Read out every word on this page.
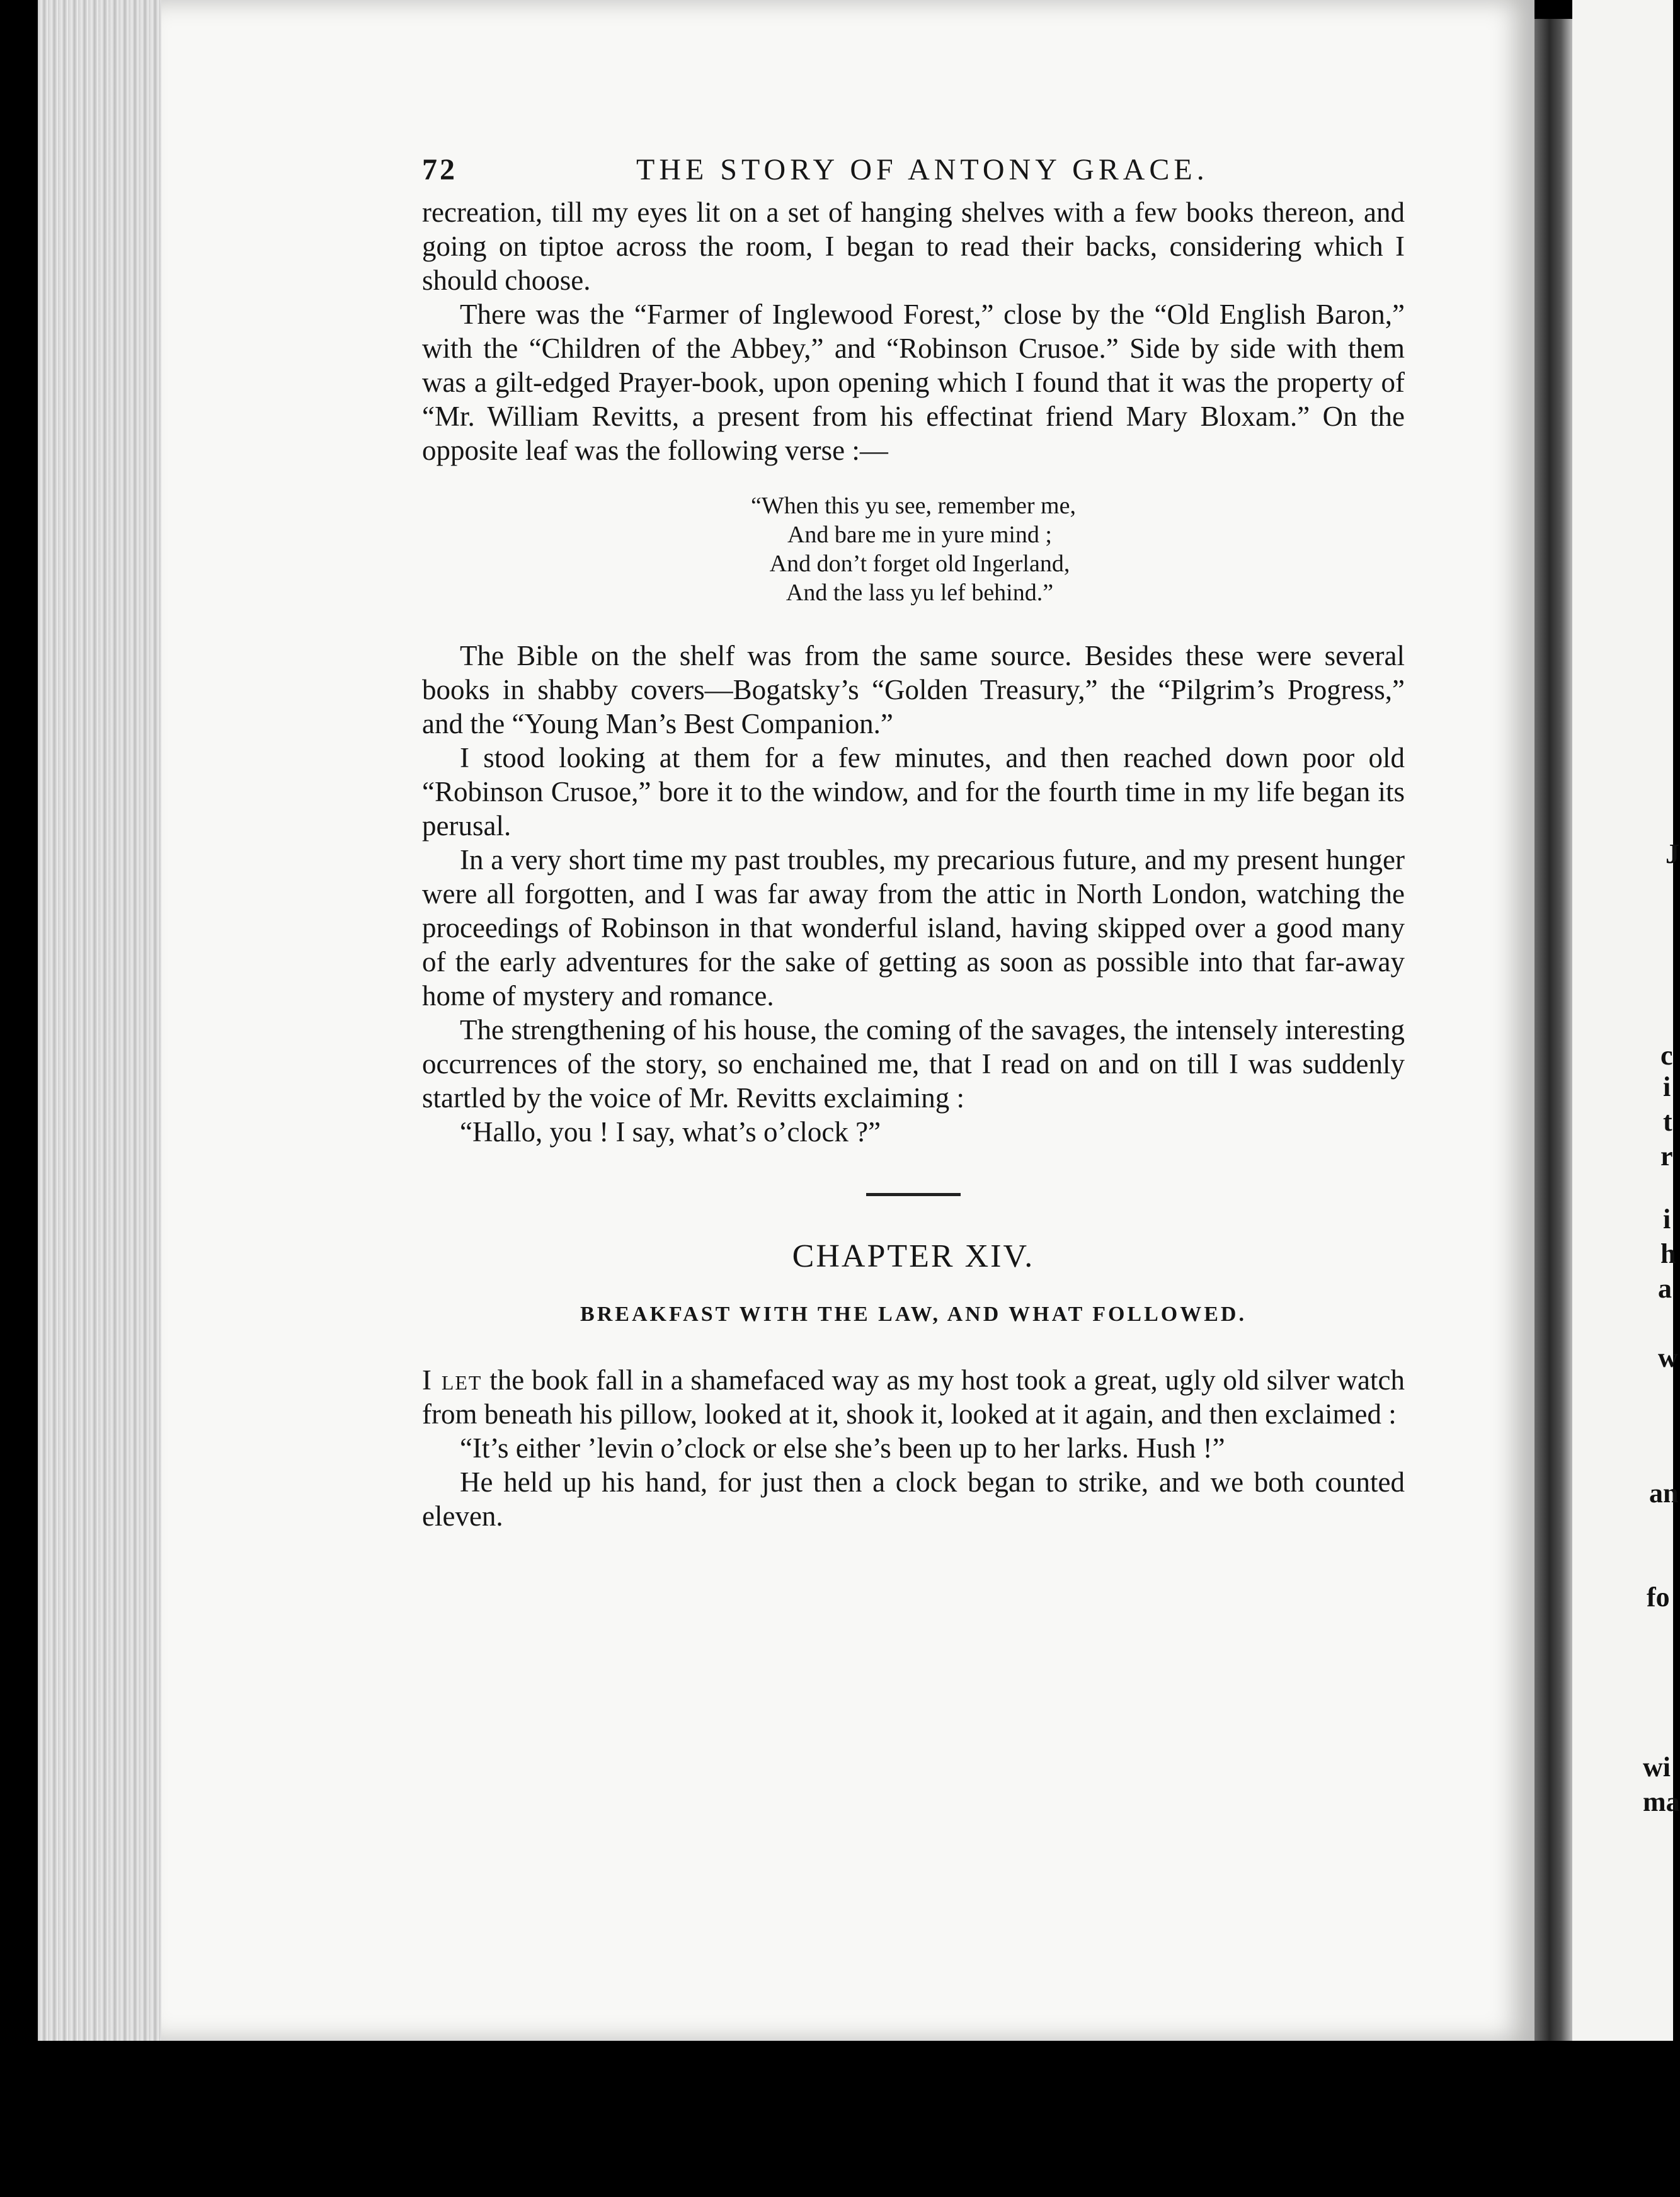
J
c
i
t
r
i
h
a
w
an
fo
wi
ma
72	THE STORY OF ANTONY GRACE.

recreation, till my eyes lit on a set of hanging shelves with a few books thereon, and going on tiptoe across the room, I began to read their backs, considering which I should choose.

There was the “Farmer of Inglewood Forest,” close by the “Old English Baron,” with the “Children of the Abbey,” and “Robinson Crusoe.” Side by side with them was a gilt-edged Prayer-book, upon opening which I found that it was the property of “Mr. William Revitts, a present from his effectinat friend Mary Bloxam.” On the opposite leaf was the following verse :—

“When this yu see, remember me,
And bare me in yure mind ;
And don’t forget old Ingerland,
And the lass yu lef behind.”

The Bible on the shelf was from the same source. Besides these were several books in shabby covers—Bogatsky’s “Golden Treasury,” the “Pilgrim’s Progress,” and the “Young Man’s Best Companion.”

I stood looking at them for a few minutes, and then reached down poor old “Robinson Crusoe,” bore it to the window, and for the fourth time in my life began its perusal.

In a very short time my past troubles, my precarious future, and my present hunger were all forgotten, and I was far away from the attic in North London, watching the proceedings of Robinson in that wonderful island, having skipped over a good many of the early adventures for the sake of getting as soon as possible into that far-away home of mystery and romance.

The strengthening of his house, the coming of the savages, the intensely interesting occurrences of the story, so enchained me, that I read on and on till I was suddenly startled by the voice of Mr. Revitts exclaiming :

“Hallo, you ! I say, what’s o’clock ?”

CHAPTER XIV.
BREAKFAST WITH THE LAW, AND WHAT FOLLOWED.

I let the book fall in a shamefaced way as my host took a great, ugly old silver watch from beneath his pillow, looked at it, shook it, looked at it again, and then exclaimed :

“It’s either ’levin o’clock or else she’s been up to her larks. Hush !”

He held up his hand, for just then a clock began to strike, and we both counted eleven.
